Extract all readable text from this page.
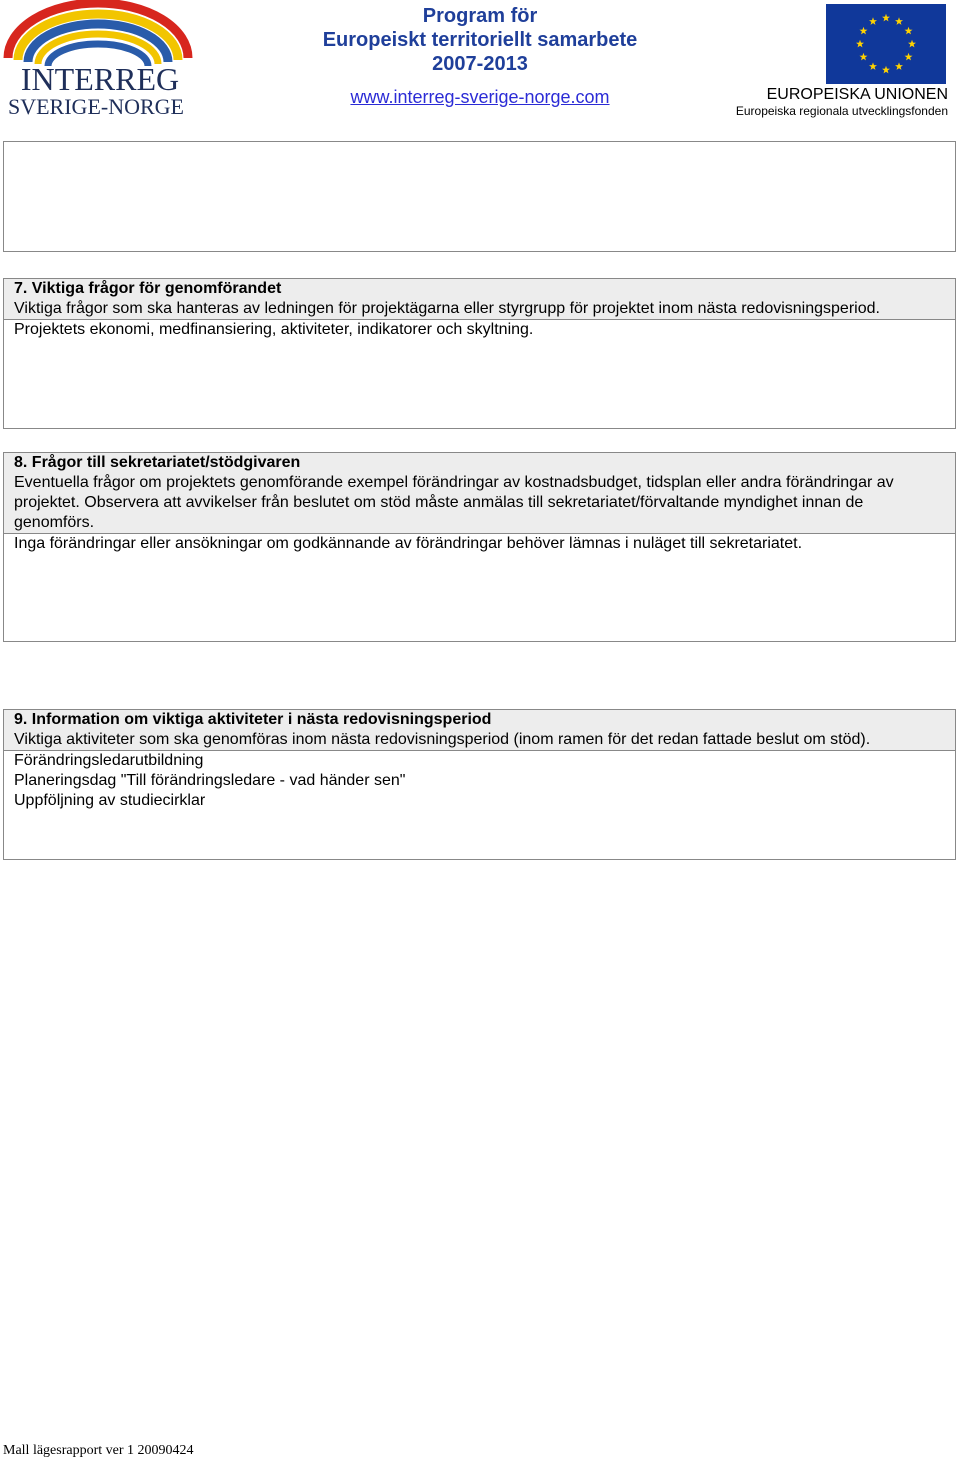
INTERREG
SVERIGE-NORGE
Program för
Europeiskt territoriellt samarbete
2007-2013
www.interreg-sverige-norge.com	EUROPEISKA UNIONEN
Europeiska regionala utvecklingsfonden
7. Viktiga frågor för genomförandet
Viktiga frågor som ska hanteras av ledningen för projektägarna eller styrgrupp för projektet inom nästa redovisningsperiod.
Projektets ekonomi, medfinansiering, aktiviteter, indikatorer och skyltning.
8. Frågor till sekretariatet/stödgivaren
Eventuella frågor om projektets genomförande exempel förändringar av kostnadsbudget, tidsplan eller andra förändringar av projektet. Observera att avvikelser från beslutet om stöd måste anmälas till sekretariatet/förvaltande myndighet innan de genomförs.
Inga förändringar eller ansökningar om godkännande av förändringar behöver lämnas i nuläget till sekretariatet.
9. Information om viktiga aktiviteter i nästa redovisningsperiod
Viktiga aktiviteter som ska genomföras inom nästa redovisningsperiod (inom ramen för det redan fattade beslut om stöd).
Förändringsledarutbildning
Planeringsdag "Till förändringsledare - vad händer sen"
Uppföljning av studiecirklar
Mall lägesrapport ver 1 20090424
